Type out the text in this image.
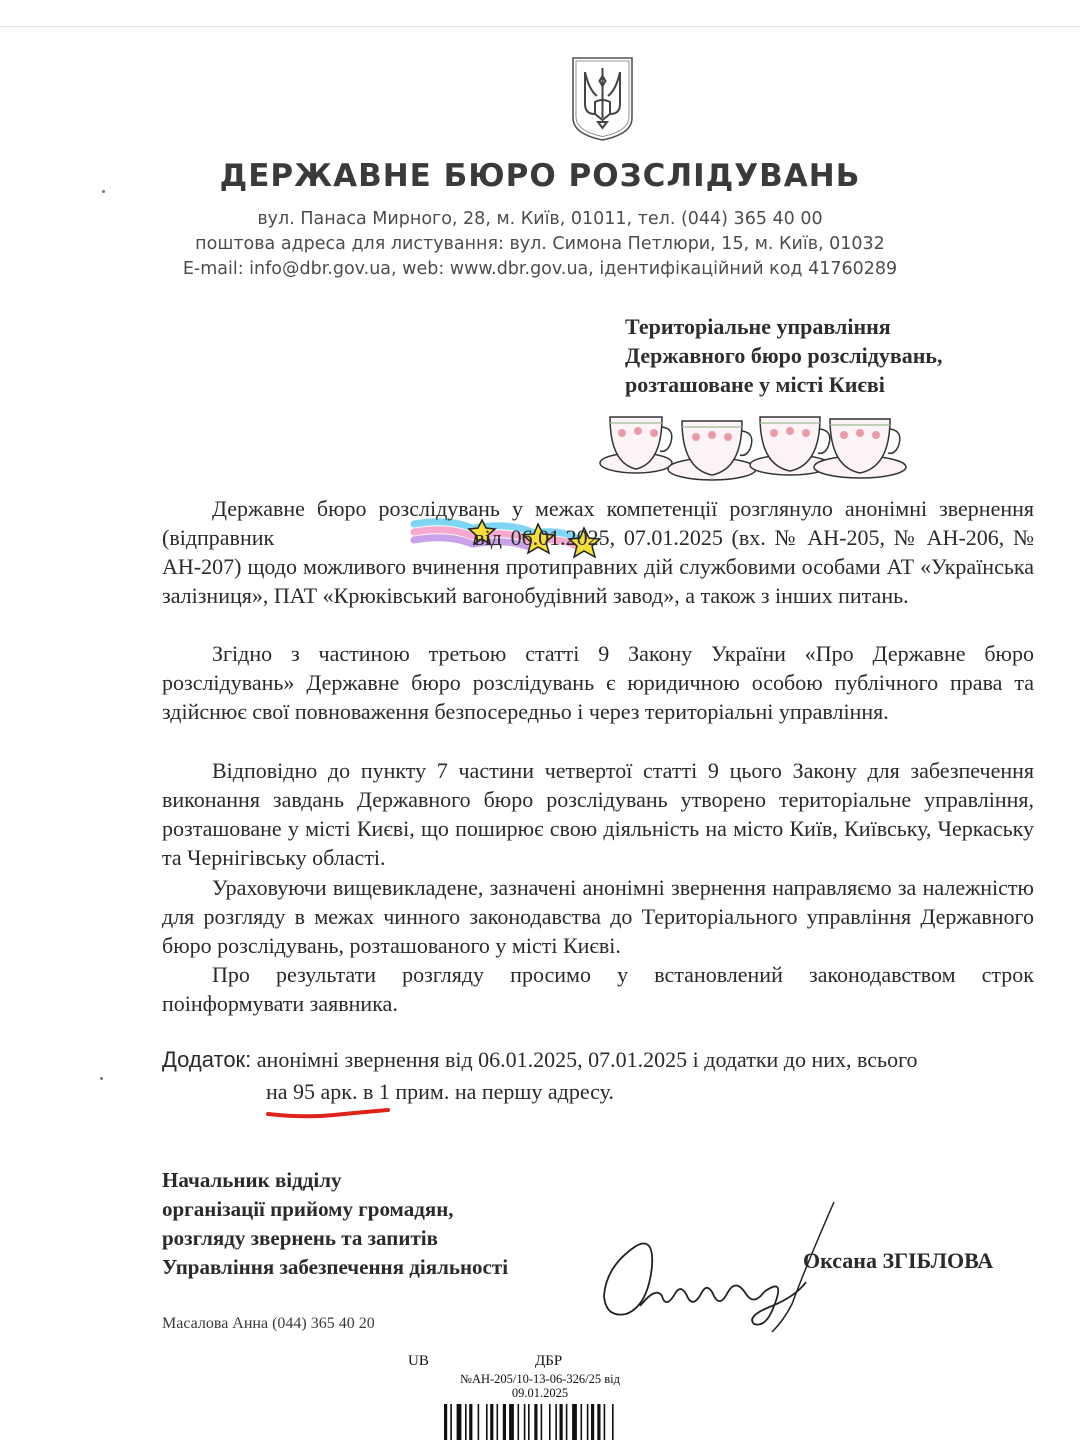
ДЕРЖАВНЕ БЮРО РОЗСЛІДУВАНЬ
вул. Панаса Мирного, 28, м. Київ, 01011, тел. (044) 365 40 00
поштова адреса для листування: вул. Симона Петлюри, 15, м. Київ, 01032
E-mail: info@dbr.gov.ua, web: www.dbr.gov.ua, ідентифікаційний код 41760289
Територіальне управління
Державного бюро розслідувань,
розташоване у місті Києві

Державне бюро розслідувань у межах компетенції розглянуло анонімні звернення (відправник	від 06.01.2025, 07.01.2025 (вх. № АН-205, № АН-206, № АН-207) щодо можливого вчинення протиправних дій службовими особами АТ «Українська залізниця», ПАТ «Крюківський вагонобудівний завод», а також з інших питань.

Згідно з частиною третьою статті 9 Закону України «Про Державне бюро розслідувань» Державне бюро розслідувань є юридичною особою публічного права та здійснює свої повноваження безпосередньо і через територіальні управління.

Відповідно до пункту 7 частини четвертої статті 9 цього Закону для забезпечення виконання завдань Державного бюро розслідувань утворено територіальне управління, розташоване у місті Києві, що поширює свою діяльність на місто Київ, Київську, Черкаську та Чернігівську області.

Ураховуючи вищевикладене, зазначені анонімні звернення направляємо за належністю для розгляду в межах чинного законодавства до Територіального управління Державного бюро розслідувань, розташованого у місті Києві.

Про результати розгляду просимо у встановлений законодавством строк поінформувати заявника.

Додаток: анонімні звернення від 06.01.2025, 07.01.2025 і додатки до них, всього
на 95 арк. в 1 прим. на першу адресу.
Начальник відділу
організації прийому громадян,
розгляду звернень та запитів
Управління забезпечення діяльності	Оксана ЗГІБЛОВА
Масалова Анна (044) 365 40 20
UB	ДБР
№АН-205/10-13-06-326/25 від
09.01.2025
